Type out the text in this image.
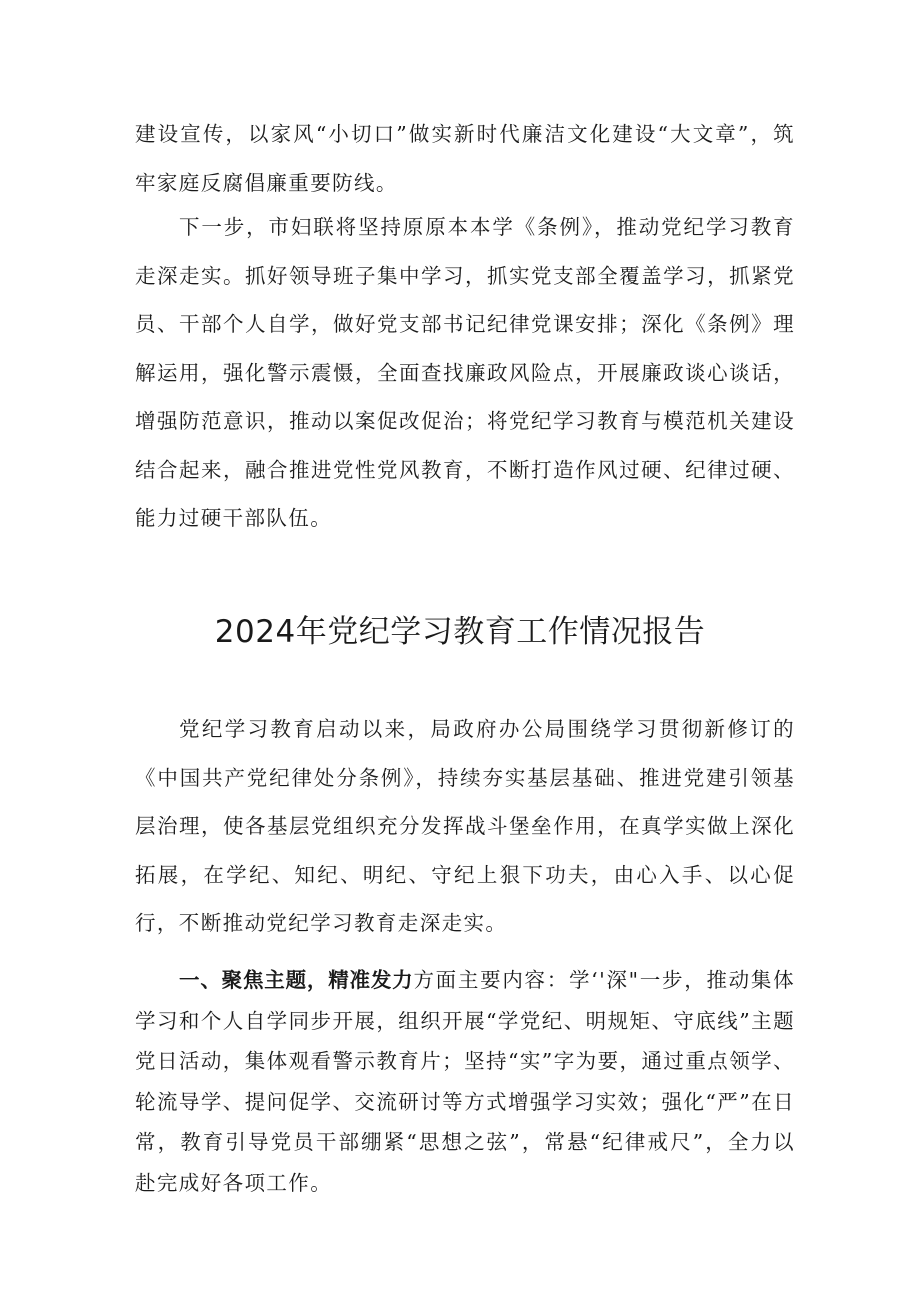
建设宣传，以家风“小切口”做实新时代廉洁文化建设“大文章”，筑牢家庭反腐倡廉重要防线。

下一步，市妇联将坚持原原本本学《条例》，推动党纪学习教育走深走实。抓好领导班子集中学习，抓实党支部全覆盖学习，抓紧党员、干部个人自学，做好党支部书记纪律党课安排；深化《条例》理解运用，强化警示震慑，全面查找廉政风险点，开展廉政谈心谈话，增强防范意识，推动以案促改促治；将党纪学习教育与模范机关建设结合起来，融合推进党性党风教育，不断打造作风过硬、纪律过硬、能力过硬干部队伍。

2024年党纪学习教育工作情况报告

党纪学习教育启动以来，局政府办公局围绕学习贯彻新修订的《中国共产党纪律处分条例》，持续夯实基层基础、推进党建引领基层治理，使各基层党组织充分发挥战斗堡垒作用，在真学实做上深化拓展，在学纪、知纪、明纪、守纪上狠下功夫，由心入手、以心促行，不断推动党纪学习教育走深走实。

一、聚焦主题，精准发力方面主要内容：学‘'深"一步，推动集体学习和个人自学同步开展，组织开展“学党纪、明规矩、守底线”主题党日活动，集体观看警示教育片；坚持“实”字为要，通过重点领学、轮流导学、提问促学、交流研讨等方式增强学习实效；强化“严”在日常，教育引导党员干部绷紧“思想之弦”，常悬“纪律戒尺”，全力以赴完成好各项工作。
